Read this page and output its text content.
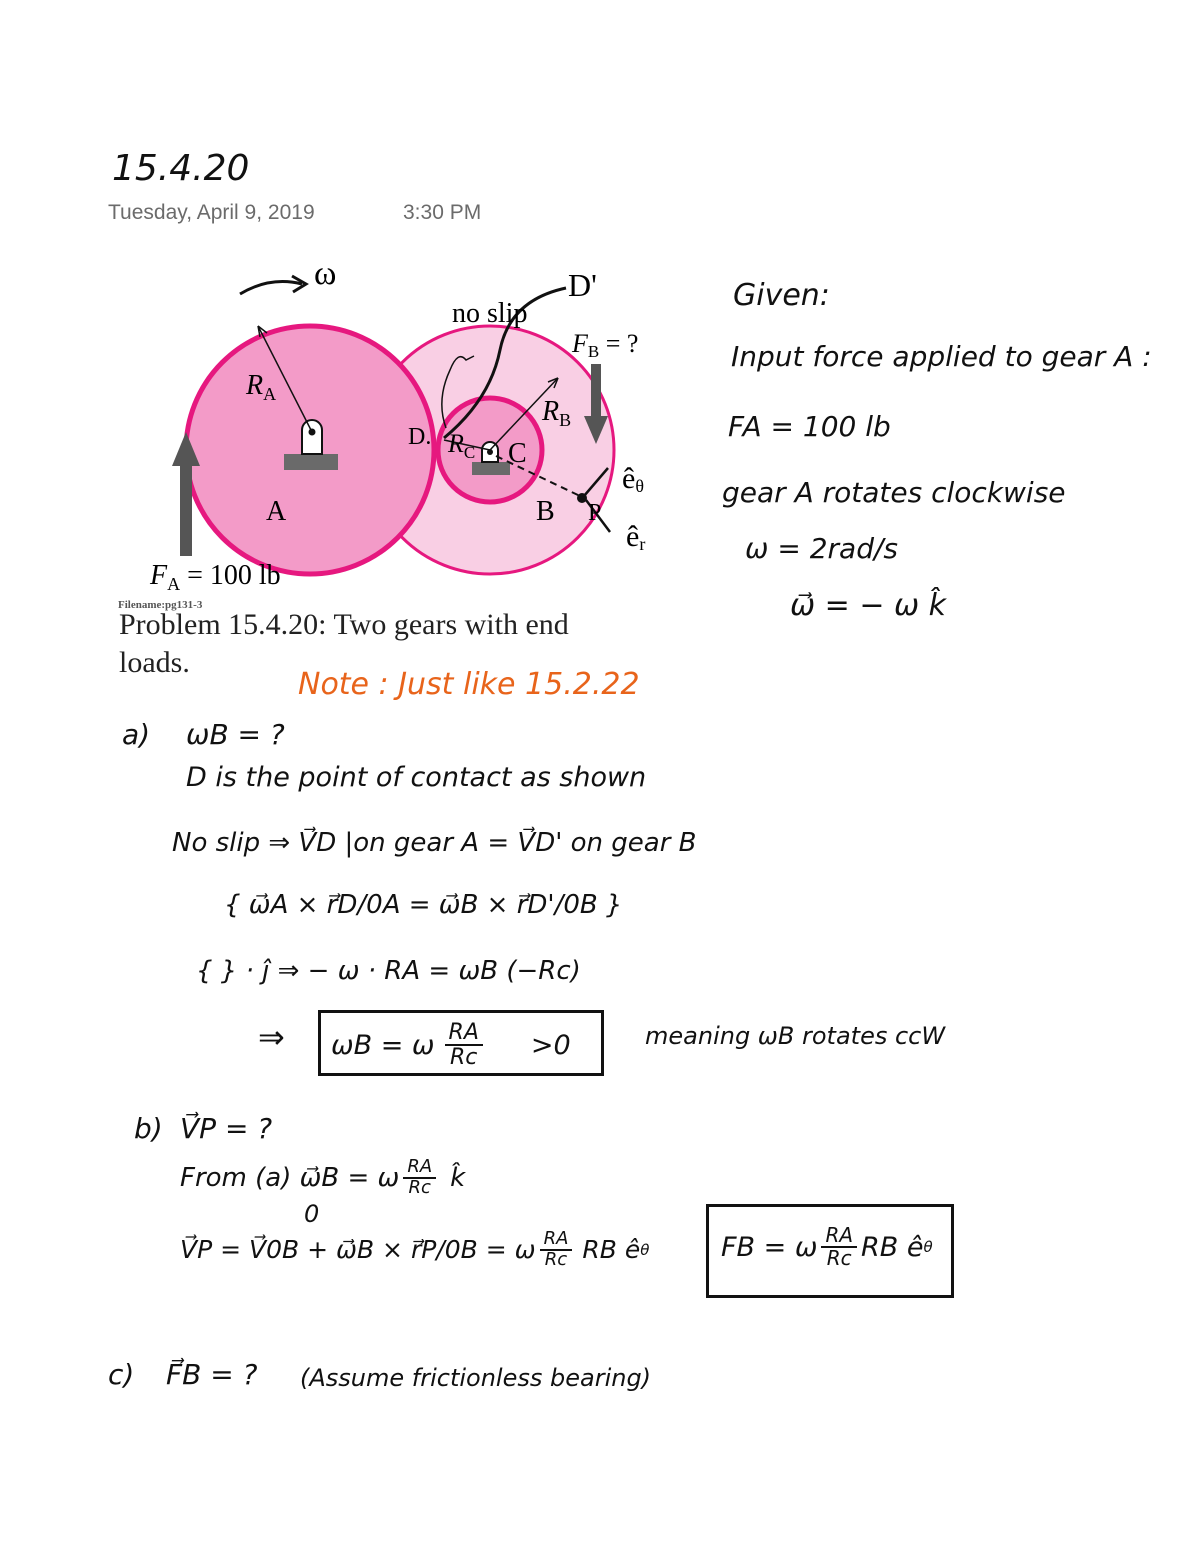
15.4.20
Tuesday, April 9, 2019	3:30 PM
ω
no slip
D'
FB = ?
$R_A$
$R_B$
$R_C$ C
D.
A	B P
êθ
êr
$F_A = 100$ lb
Filename:pg131-3
Problem 15.4.20: Two gears with end
loads.
Given:
Input force applied to gear A :
FA = 100 lb
gear A rotates clockwise
ω = 2rad/s
ω⃗ = − ω k̂
Note : Just like 15.2.22
a) ωB = ?
D is the point of contact as shown
No slip ⇒ V⃗D |on gear A = V⃗D' on gear B
{ ω⃗A × r⃗D/0A = ω⃗B × r⃗D'/0B }
{ } · ĵ ⇒ − ω · RA = ωB (−Rc)
⇒ ωB = ω $\frac{RA}{Rc} >0$	meaning ωB rotates ccW
b) V⃗P = ?
From (a) ω⃗B = ω $\frac{RA}{Rc}$ k̂
0
V⃗P = V⃗0B + ω⃗B × r⃗P/0B = ω $\frac{RA}{Rc}$ RB ê θ	FB = ω $\frac{RA}{Rc}$ RB ê θ
c) F⃗B = ? (Assume frictionless bearing)
